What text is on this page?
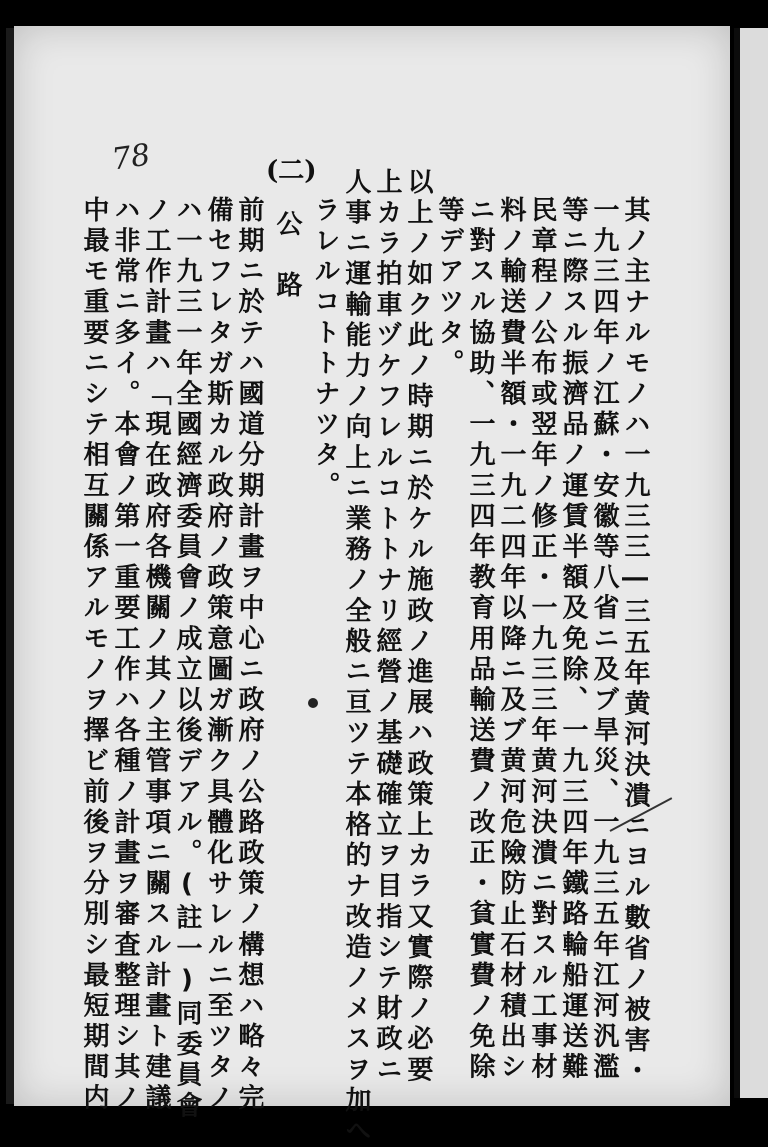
78	(二)
其ノ主ナルモノハ一九三三―三五年黄河決潰ニヨル數省ノ被害・
一九三四年ノ江蘇・安徽等八省ニ及ブ旱災、一九三五年江河汎濫
等ニ際スル振濟品ノ運賃半額及免除、一九三四年鐵路輪船運送難
民章程ノ公布或翌年ノ修正・一九三三年黄河決潰ニ對スル工事材
料ノ輸送費半額・一九二四年以降ニ及ブ黄河危險防止石材積出シ
ニ對スル協助、一九三四年教育用品輸送費ノ改正・貧實費ノ免除
等デアツタ。
以上ノ如ク此ノ時期ニ於ケル施政ノ進展ハ政策上カラ又實際ノ必要
上カラ拍車ヅケフレルコトトナリ經營ノ基礎確立ヲ目指シテ財政ニ
人事ニ運輸能力ノ向上ニ業務ノ全般ニ亘ツテ本格的ナ改造ノメスヲ加へ
ラレルコトトナツタ。
公　路
前期ニ於テハ國道分期計畫ヲ中心ニ政府ノ公路政策ノ構想ハ略々完
備セフレタガ斯カル政府ノ政策意圖ガ漸ク具體化サレルニ至ツタノ
ハ一九三一年全國經濟委員會ノ成立以後デアル。(註一)同委員會
ノ工作計畫ハ「現在政府各機關ノ其ノ主管事項ニ關スル計畫ト建議
ハ非常ニ多イ。本會ノ第一重要工作ハ各種ノ計畫ヲ審査整理シ其ノ
中最モ重要ニシテ相互關係アルモノヲ擇ビ前後ヲ分別シ最短期間内
